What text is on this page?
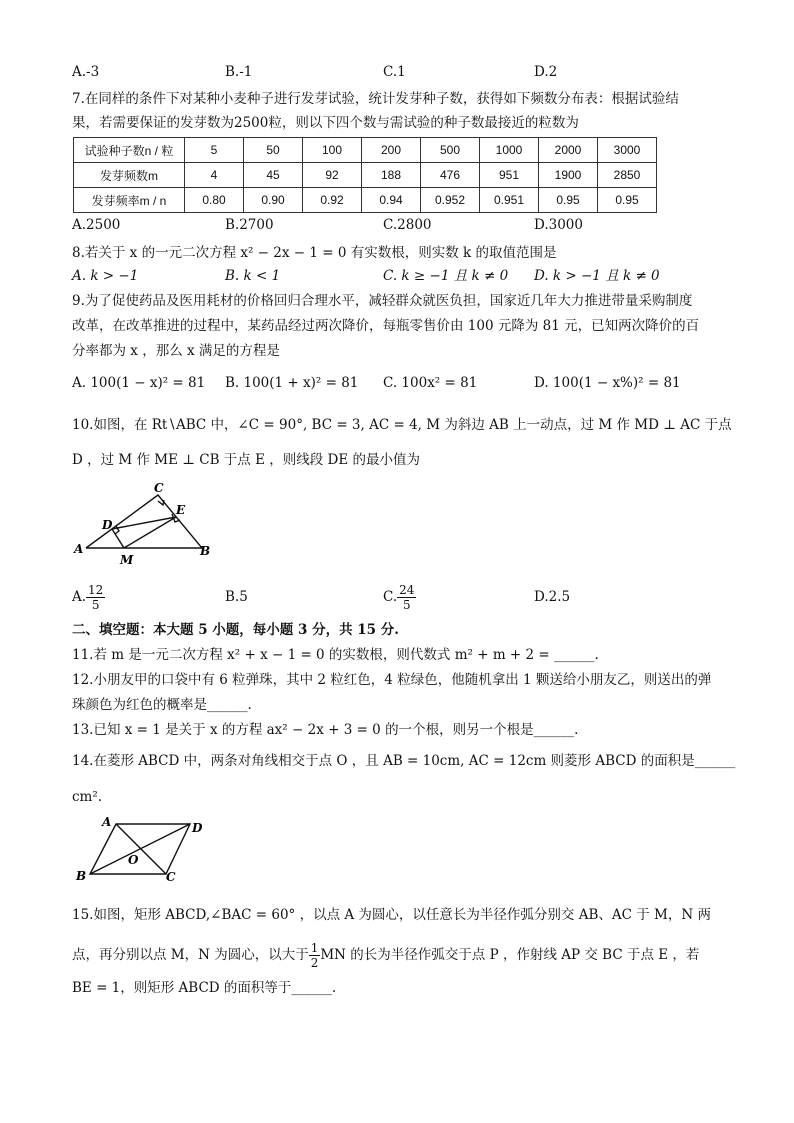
A.-3	B.-1	C.1	D.2
7.在同样的条件下对某种小麦种子进行发芽试验，统计发芽种子数，获得如下频数分布表：根据试验结
果，若需要保证的发芽数为2500粒，则以下四个数与需试验的种子数最接近的粒数为
试验种子数n / 粒	5	50	100	200	500	1000	2000	3000
发芽频数m	4	45	92	188	476	951	1900	2850
发芽频率m / n	0.80	0.90	0.92	0.94	0.952	0.951	0.95	0.95
A.2500	B.2700	C.2800	D.3000
8.若关于 x 的一元二次方程 x² − 2x − 1 = 0 有实数根，则实数 k 的取值范围是
A. k > −1	B. k < 1	C. k ≥ −1 且 k ≠ 0 D. k > −1 且 k ≠ 0
9.为了促使药品及医用耗材的价格回归合理水平，减轻群众就医负担，国家近几年大力推进带量采购制度
改革，在改革推进的过程中，某药品经过两次降价，每瓶零售价由 100 元降为 81 元，已知两次降价的百
分率都为 x ，那么 x 满足的方程是
A. 100(1 − x)² = 81 B. 100(1 + x)² = 81 C. 100x² = 81	D. 100(1 − x%)² = 81
10.如图，在 Rt∖ABC 中，∠C = 90°, BC = 3, AC = 4, M 为斜边 AB 上一动点，过 M 作 MD ⊥ AC 于点
D ，过 M 作 ME ⊥ CB 于点 E ，则线段 DE 的最小值为
C
D
E
A
M
B
A. $\frac{12}{5}$	B.5	C. $\frac{24}{5}$	D.2.5
二、填空题：本大题 5 小题，每小题 3 分，共 15 分.
11.若 m 是一元二次方程 x² + x − 1 = 0 的实数根，则代数式 m² + m + 2 = ______.
12.小朋友甲的口袋中有 6 粒弹珠，其中 2 粒红色，4 粒绿色，他随机拿出 1 颗送给小朋友乙，则送出的弹
珠颜色为红色的概率是______.
13.已知 x = 1 是关于 x 的方程 ax² − 2x + 3 = 0 的一个根，则另一个根是______.
14.在菱形 ABCD 中，两条对角线相交于点 O ，且 AB = 10cm, AC = 12cm 则菱形 ABCD 的面积是______
cm².
A	D
O
B	C
15.如图，矩形 ABCD,∠BAC = 60° ，以点 A 为圆心，以任意长为半径作弧分别交 AB、AC 于 M，N 两
点，再分别以点 M，N 为圆心，以大于 $\frac{1}{2}$ MN 的长为半径作弧交于点 P ，作射线 AP 交 BC 于点 E ，若
BE = 1，则矩形 ABCD 的面积等于______.
